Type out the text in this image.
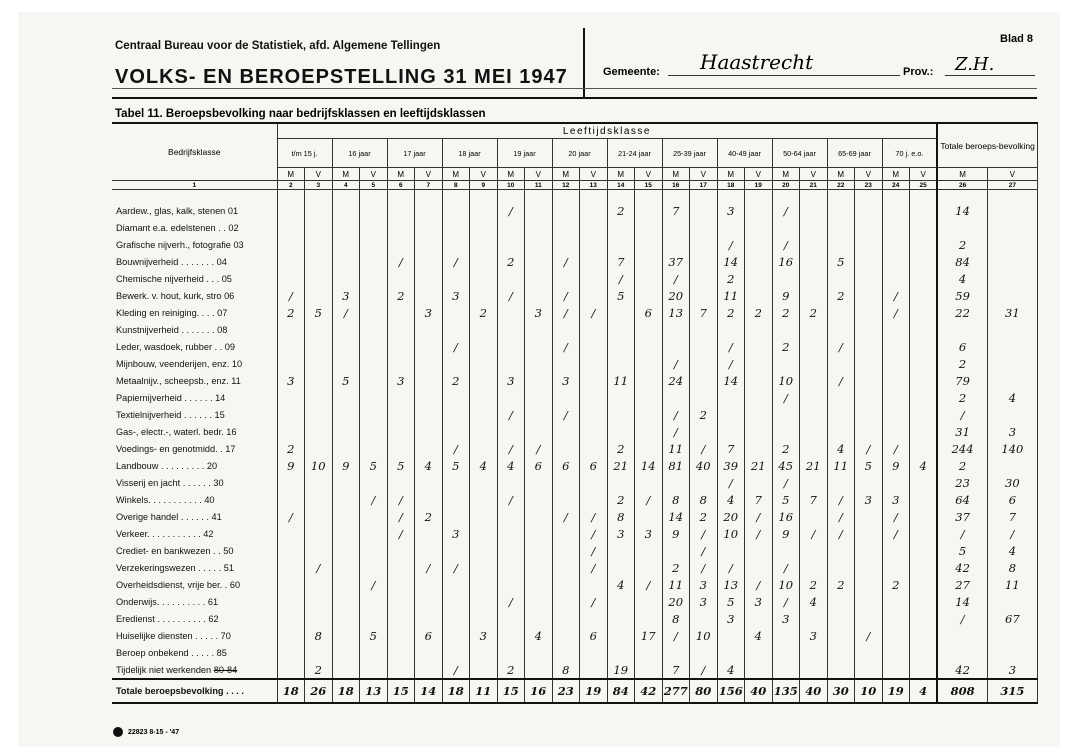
Centraal Bureau voor de Statistiek, afd. Algemene Tellingen
VOLKS- EN BEROEPSTELLING 31 MEI 1947
Blad 8
Gemeente: Haastrecht	Prov.: Z.H.
Tabel 11. Beroepsbevolking naar bedrijfsklassen en leeftijdsklassen
Bedrijfsklasse	Leeftijdsklasse																								Totale beroeps-bevolking	
	t/m 15 j.		16 jaar		17 jaar		18 jaar		19 jaar		20 jaar		21-24 jaar		25-39 jaar		40-49 jaar		50-64 jaar		65-69 jaar		70 j. e.o.			
	M	V	M	V	M	V	M	V	M	V	M	V	M	V	M	V	M	V	M	V	M	V	M	V	M	V
1	2	3	4	5	6	7	8	9	10	11	12	13	14	15	16	17	18	19	20	21	22	23	24	25	26	27

Aardew., glas, kalk, stenen 01									/				2		7		3		/						14	
Diamant e.a. edelstenen . . 02																										
Grafische nijverh., fotografie 03																	/		/						2	
Bouwnijverheid . . . . . . . 04					/		/		2		/		7		37		14		16		5				84	
Chemische nijverheid . . . 05													/		/		2								4	
Bewerk. v. hout, kurk, stro 06	/		3		2		3		/		/		5		20		11		9		2		/		59	
Kleding en reiniging. . . . 07	2	5	/			3		2		3	/	/		6	13	7	2	2	2	2			/		22	31
Kunstnijverheid . . . . . . . 08																										
Leder, wasdoek, rubber . . 09							/				/						/		2		/				6	
Mijnbouw, veenderijen, enz. 10															/		/								2	
Metaalnijv., scheepsb., enz. 11	3		5		3		2		3		3		11		24		14		10		/				79	
Papiernijverheid . . . . . . 14																			/						2	4
Textielnijverheid . . . . . . 15									/		/				/	2									/	
Gas-, electr.-, waterl. bedr. 16															/										31	3
Voedings- en genotmidd. . 17	2						/		/	/			2		11	/	7		2		4	/	/		244	140
Landbouw . . . . . . . . . 20	9	10	9	5	5	4	5	4	4	6	6	6	21	14	81	40	39	21	45	21	11	5	9	4	2	
Visserij en jacht . . . . . . 30																	/		/						23	30
Winkels. . . . . . . . . . . 40				/	/				/				2	/	8	8	4	7	5	7	/	3	3		64	6
Overige handel . . . . . . 41	/				/	2					/	/	8		14	2	20	/	16		/		/		37	7
Verkeer. . . . . . . . . . . 42					/		3					/	3	3	9	/	10	/	9	/	/		/		/	/
Crediet- en bankwezen . . 50												/				/									5	4
Verzekeringswezen . . . . . 51		/				/	/					/			2	/	/		/						42	8
Overheidsdienst, vrije ber. . 60				/									4	/	11	3	13	/	10	2	2		2		27	11
Onderwijs. . . . . . . . . . 61									/			/			20	3	5	3	/	4					14	
Eredienst . . . . . . . . . . 62															8		3		3						/	67
Huiselijke diensten . . . . . 70		8		5		6		3		4		6		17	/	10		4		3		/				
Beroep onbekend . . . . . 85																										
Tijdelijk niet werkenden 80-84		2					/		2		8		19		7	/	4								42	3
Totale beroepsbevolking . . . .	18	26	18	13	15	14	18	11	15	16	23	19	84	42	277	80	156	40	135	40	30	10	19	4	808	315
22823 8-15 - '47
